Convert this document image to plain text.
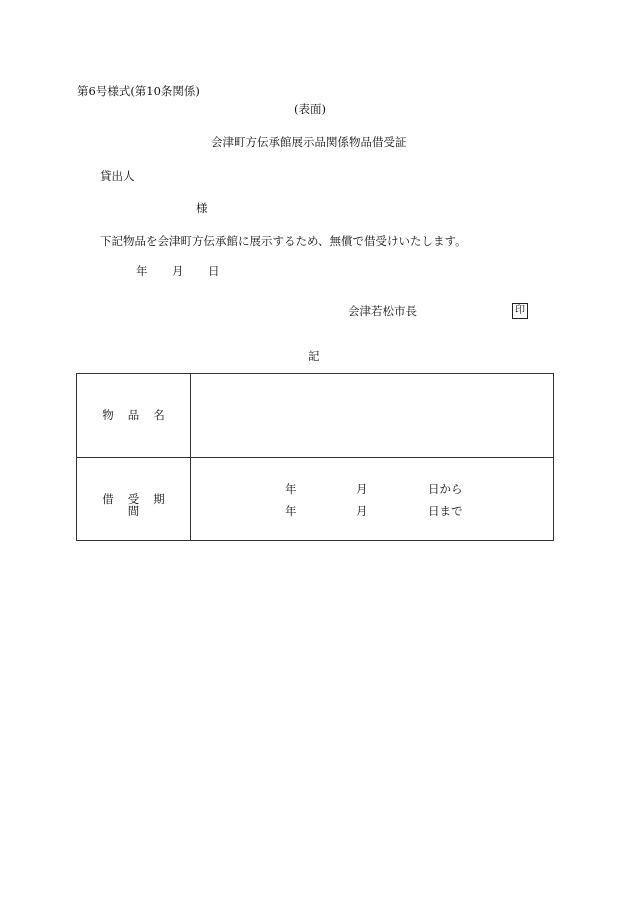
第6号様式(第10条関係)
(表面)
会津町方伝承館展示品関係物品借受証
貸出人
様
下記物品を会津町方伝承館に展示するため、無償で借受けいたします。
年 月 日
会津若松市長	印
記
物品名
借受期間
年	月	日から
年	月	日まで
